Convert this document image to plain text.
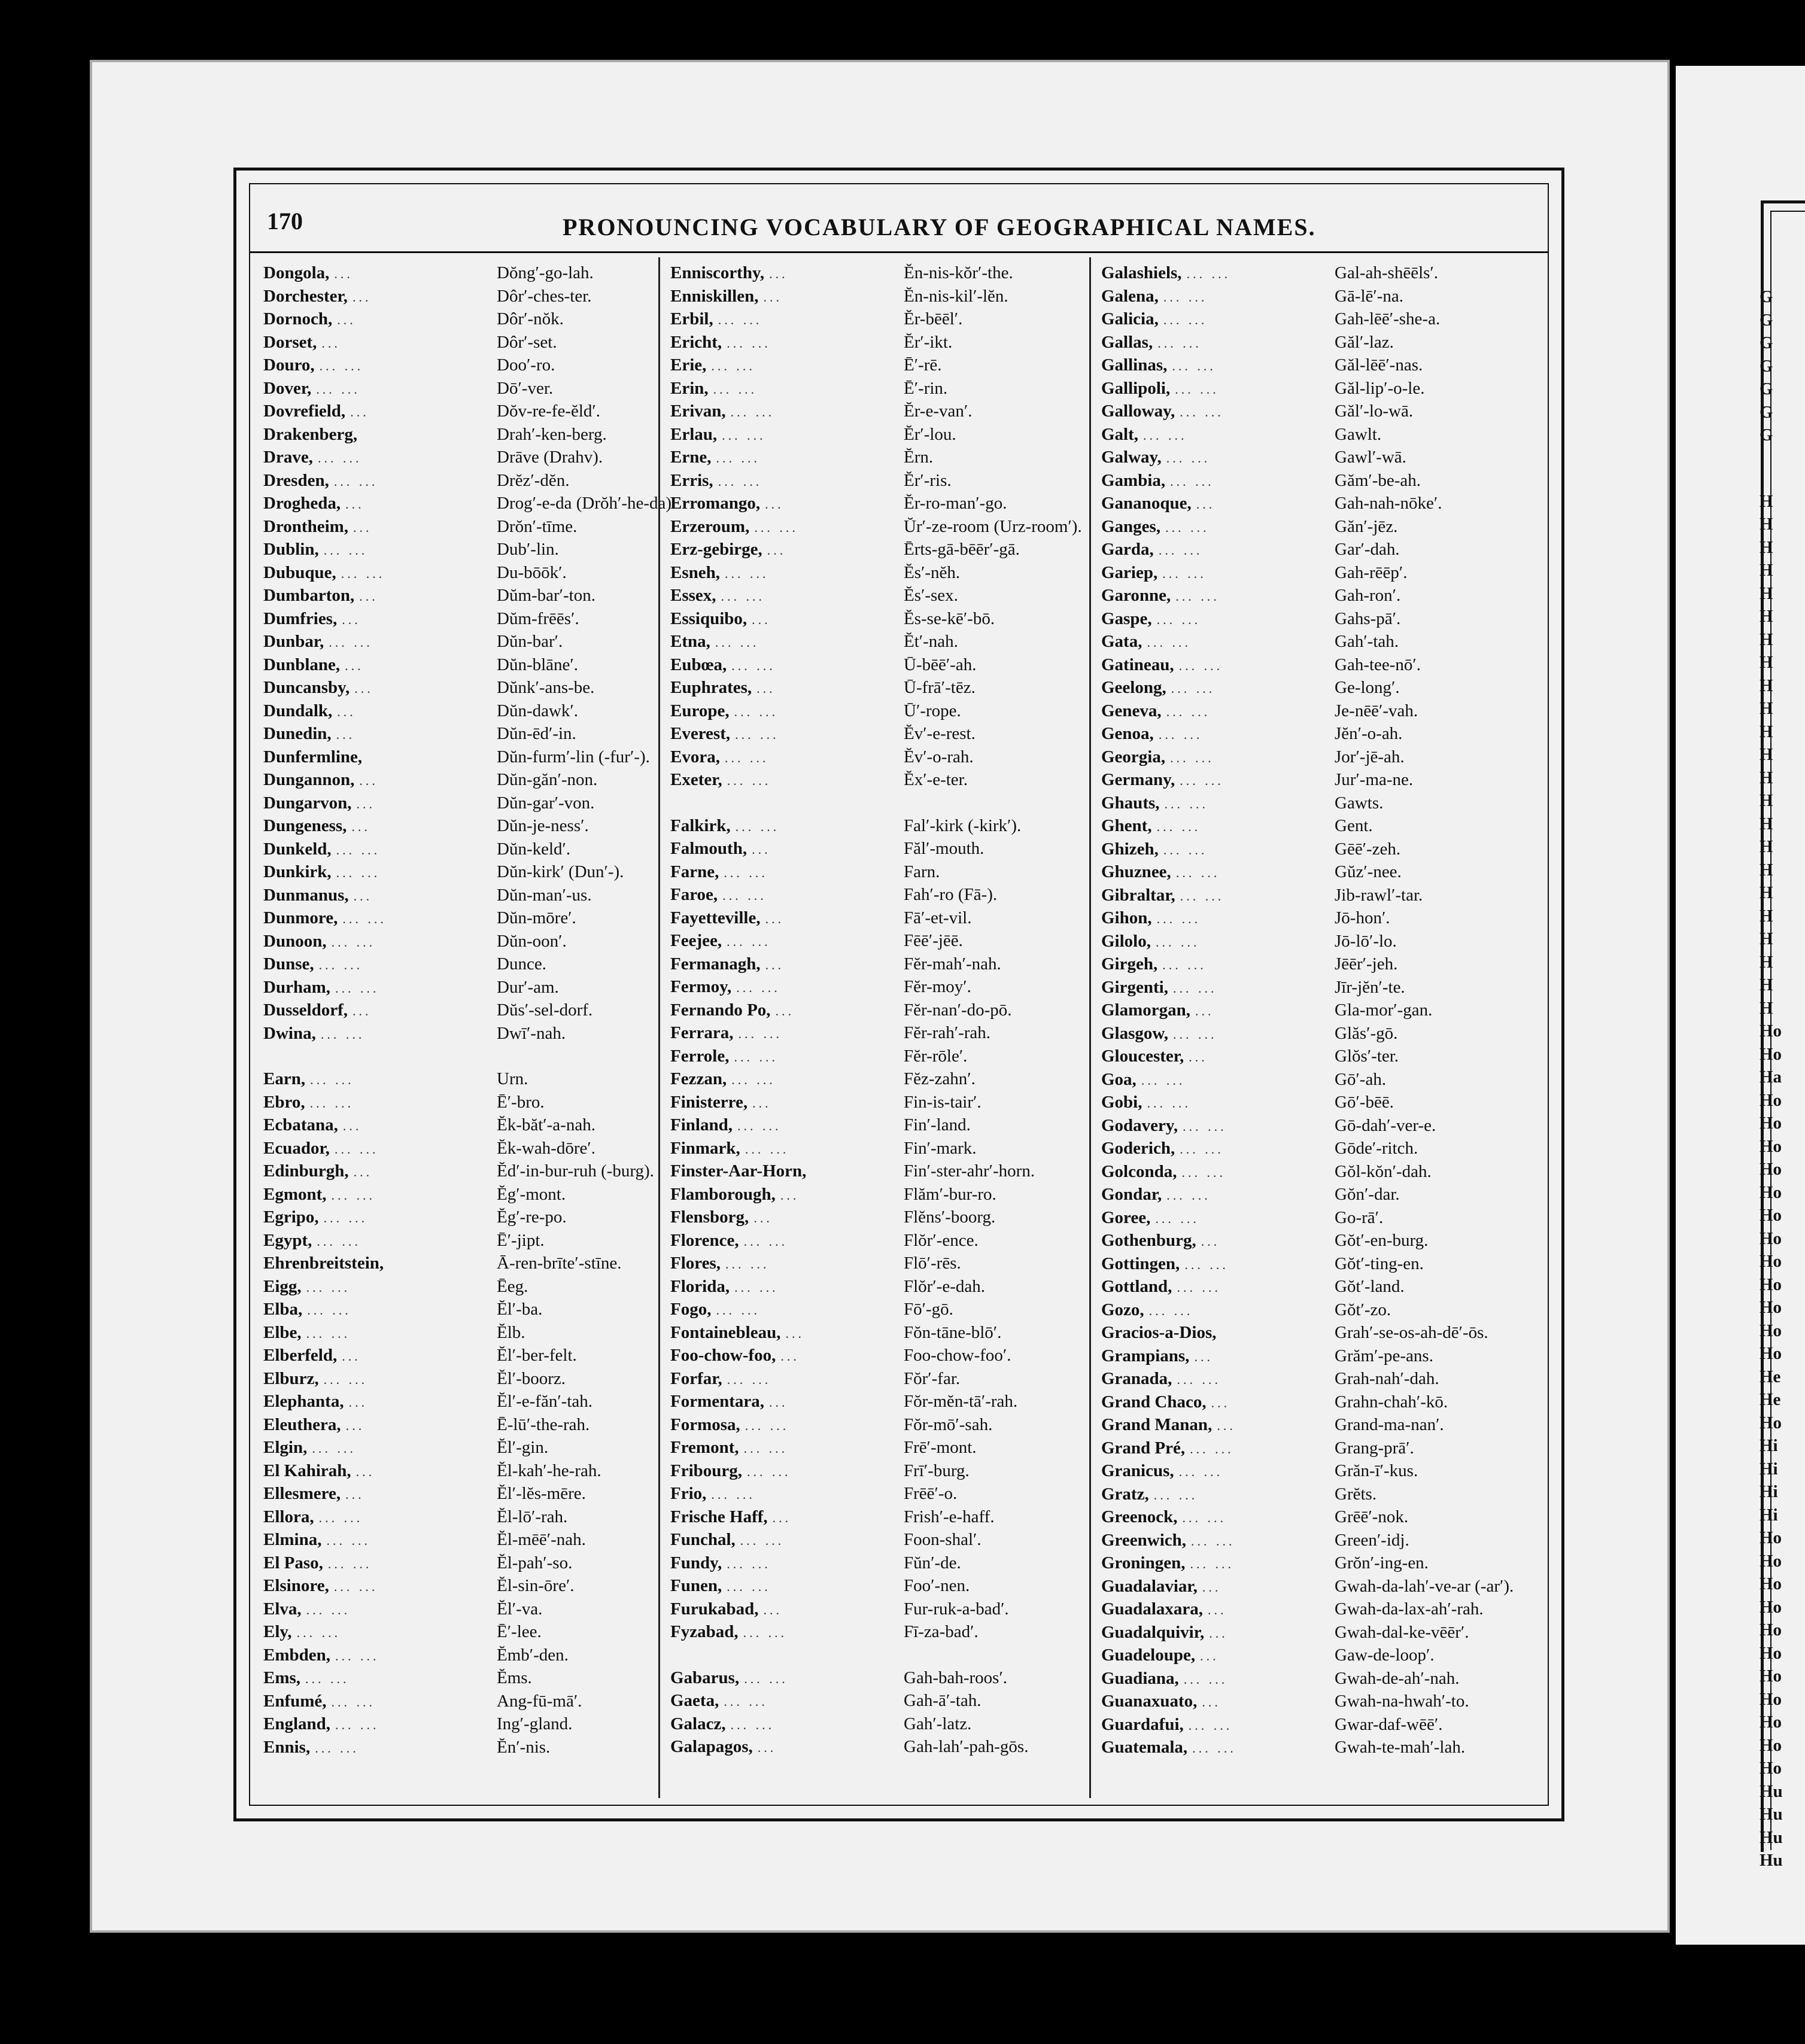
170	PRONOUNCING VOCABULARY OF GEOGRAPHICAL NAMES.
Dongola, ...	Dŏng′-go-lah.
Dorchester, ...	Dôr′-ches-ter.
Dornoch, ...	Dôr′-nŏk.
Dorset, ...	Dôr′-set.
Douro, ... ...	Doo′-ro.
Dover, ... ...	Dō′-ver.
Dovrefield, ...	Dŏv-re-fe-ĕld′.
Drakenberg,	Drah′-ken-berg.
Drave, ... ...	Drāve (Drahv).
Dresden, ... ...	Drĕz′-dĕn.
Drogheda, ...	Drog′-e-da (Drŏh′-he-da).
Drontheim, ...	Drŏn′-tīme.
Dublin, ... ...	Dub′-lin.
Dubuque, ... ...	Du-bōōk′.
Dumbarton, ...	Dŭm-bar′-ton.
Dumfries, ...	Dŭm-frēēs′.
Dunbar, ... ...	Dŭn-bar′.
Dunblane, ...	Dŭn-blāne′.
Duncansby, ...	Dŭnk′-ans-be.
Dundalk, ...	Dŭn-dawk′.
Dunedin, ...	Dŭn-ēd′-in.
Dunfermline,	Dŭn-furm′-lin (-fur′-).
Dungannon, ...	Dŭn-găn′-non.
Dungarvon, ...	Dŭn-gar′-von.
Dungeness, ...	Dŭn-je-ness′.
Dunkeld, ... ...	Dŭn-keld′.
Dunkirk, ... ...	Dŭn-kirk′ (Dun′-).
Dunmanus, ...	Dŭn-man′-us.
Dunmore, ... ...	Dŭn-mōre′.
Dunoon, ... ...	Dŭn-oon′.
Dunse, ... ...	Dunce.
Durham, ... ...	Dur′-am.
Dusseldorf, ...	Dŭs′-sel-dorf.
Dwina, ... ...	Dwī′-nah.
Earn, ... ...	Urn.
Ebro, ... ...	Ē′-bro.
Ecbatana, ...	Ĕk-băt′-a-nah.
Ecuador, ... ...	Ĕk-wah-dōre′.
Edinburgh, ...	Ĕd′-in-bur-ruh (-burg).
Egmont, ... ...	Ĕg′-mont.
Egripo, ... ...	Ĕg′-re-po.
Egypt, ... ...	Ē′-jipt.
Ehrenbreitstein,	Ā-ren-brīte′-stīne.
Eigg, ... ...	Ēeg.
Elba, ... ...	Ĕl′-ba.
Elbe, ... ...	Ĕlb.
Elberfeld, ...	Ĕl′-ber-felt.
Elburz, ... ...	Ĕl′-boorz.
Elephanta, ...	Ĕl′-e-făn′-tah.
Eleuthera, ...	Ē-lū′-the-rah.
Elgin, ... ...	Ĕl′-gin.
El Kahirah, ...	Ĕl-kah′-he-rah.
Ellesmere, ...	Ĕl′-lĕs-mēre.
Ellora, ... ...	Ĕl-lō′-rah.
Elmina, ... ...	Ĕl-mēē′-nah.
El Paso, ... ...	Ĕl-pah′-so.
Elsinore, ... ...	Ĕl-sin-ōre′.
Elva, ... ...	Ĕl′-va.
Ely, ... ...	Ē′-lee.
Embden, ... ...	Ĕmb′-den.
Ems, ... ...	Ĕms.
Enfumé, ... ...	Ang-fū-mā′.
England, ... ...	Ing′-gland.
Ennis, ... ...	Ĕn′-nis.
Enniscorthy, ...	Ĕn-nis-kŏr′-the.
Enniskillen, ...	Ĕn-nis-kil′-lĕn.
Erbil, ... ...	Ĕr-bēēl′.
Ericht, ... ...	Ĕr′-ikt.
Erie, ... ...	Ē′-rē.
Erin, ... ...	Ē′-rin.
Erivan, ... ...	Ĕr-e-van′.
Erlau, ... ...	Ĕr′-lou.
Erne, ... ...	Ĕrn.
Erris, ... ...	Ĕr′-ris.
Erromango, ...	Ĕr-ro-man′-go.
Erzeroum, ... ...	Ŭr′-ze-room (Urz-room′).
Erz-gebirge, ...	Ērts-gā-bēēr′-gā.
Esneh, ... ...	Ĕs′-nĕh.
Essex, ... ...	Ĕs′-sex.
Essiquibo, ...	Ĕs-se-kē′-bō.
Etna, ... ...	Ĕt′-nah.
Eubœa, ... ...	Ū-bēē′-ah.
Euphrates, ...	Ū-frā′-tēz.
Europe, ... ...	Ū′-rope.
Everest, ... ...	Ĕv′-e-rest.
Evora, ... ...	Ĕv′-o-rah.
Exeter, ... ...	Ĕx′-e-ter.
Falkirk, ... ...	Fal′-kirk (-kirk′).
Falmouth, ...	Făl′-mouth.
Farne, ... ...	Farn.
Faroe, ... ...	Fah′-ro (Fā-).
Fayetteville, ...	Fā′-et-vil.
Feejee, ... ...	Fēē′-jēē.
Fermanagh, ...	Fĕr-mah′-nah.
Fermoy, ... ...	Fĕr-moy′.
Fernando Po, ...	Fĕr-nan′-do-pō.
Ferrara, ... ...	Fĕr-rah′-rah.
Ferrole, ... ...	Fĕr-rōle′.
Fezzan, ... ...	Fĕz-zahn′.
Finisterre, ...	Fin-is-tair′.
Finland, ... ...	Fin′-land.
Finmark, ... ...	Fin′-mark.
Finster-Aar-Horn,	Fin′-ster-ahr′-horn.
Flamborough, ...	Flăm′-bur-ro.
Flensborg, ...	Flĕns′-boorg.
Florence, ... ...	Flŏr′-ence.
Flores, ... ...	Flō′-rēs.
Florida, ... ...	Flŏr′-e-dah.
Fogo, ... ...	Fō′-gō.
Fontainebleau, ...	Fŏn-tāne-blō′.
Foo-chow-foo, ...	Foo-chow-foo′.
Forfar, ... ...	Fŏr′-far.
Formentara, ...	Fŏr-mĕn-tā′-rah.
Formosa, ... ...	Fŏr-mō′-sah.
Fremont, ... ...	Frē′-mont.
Fribourg, ... ...	Frī′-burg.
Frio, ... ...	Frēē′-o.
Frische Haff, ...	Frish′-e-haff.
Funchal, ... ...	Foon-shal′.
Fundy, ... ...	Fŭn′-de.
Funen, ... ...	Foo′-nen.
Furukabad, ...	Fur-ruk-a-bad′.
Fyzabad, ... ...	Fī-za-bad′.
Gabarus, ... ...	Gah-bah-roos′.
Gaeta, ... ...	Gah-ā′-tah.
Galacz, ... ...	Gah′-latz.
Galapagos, ...	Gah-lah′-pah-gōs.
Galashiels, ... ...	Gal-ah-shēēls′.
Galena, ... ...	Gā-lē′-na.
Galicia, ... ...	Gah-lēē′-she-a.
Gallas, ... ...	Găl′-laz.
Gallinas, ... ...	Găl-lēē′-nas.
Gallipoli, ... ...	Găl-lip′-o-le.
Galloway, ... ...	Găl′-lo-wā.
Galt, ... ...	Gawlt.
Galway, ... ...	Gawl′-wā.
Gambia, ... ...	Găm′-be-ah.
Gananoque, ...	Gah-nah-nōke′.
Ganges, ... ...	Găn′-jēz.
Garda, ... ...	Gar′-dah.
Gariep, ... ...	Gah-rēēp′.
Garonne, ... ...	Gah-ron′.
Gaspe, ... ...	Gahs-pā′.
Gata, ... ...	Gah′-tah.
Gatineau, ... ...	Gah-tee-nō′.
Geelong, ... ...	Ge-long′.
Geneva, ... ...	Je-nēē′-vah.
Genoa, ... ...	Jĕn′-o-ah.
Georgia, ... ...	Jor′-jē-ah.
Germany, ... ...	Jur′-ma-ne.
Ghauts, ... ...	Gawts.
Ghent, ... ...	Gent.
Ghizeh, ... ...	Gēē′-zeh.
Ghuznee, ... ...	Gŭz′-nee.
Gibraltar, ... ...	Jib-rawl′-tar.
Gihon, ... ...	Jō-hon′.
Gilolo, ... ...	Jō-lō′-lo.
Girgeh, ... ...	Jēēr′-jeh.
Girgenti, ... ...	Jīr-jĕn′-te.
Glamorgan, ...	Gla-mor′-gan.
Glasgow, ... ...	Glăs′-gō.
Gloucester, ...	Glŏs′-ter.
Goa, ... ...	Gō′-ah.
Gobi, ... ...	Gō′-bēē.
Godavery, ... ...	Gō-dah′-ver-e.
Goderich, ... ...	Gōde′-ritch.
Golconda, ... ...	Gŏl-kŏn′-dah.
Gondar, ... ...	Gŏn′-dar.
Goree, ... ...	Go-rā′.
Gothenburg, ...	Gŏt′-en-burg.
Gottingen, ... ...	Gŏt′-ting-en.
Gottland, ... ...	Gŏt′-land.
Gozo, ... ...	Gŏt′-zo.
Gracios-a-Dios,	Grah′-se-os-ah-dē′-ōs.
Grampians, ...	Grăm′-pe-ans.
Granada, ... ...	Grah-nah′-dah.
Grand Chaco, ...	Grahn-chah′-kō.
Grand Manan, ...	Grand-ma-nan′.
Grand Pré, ... ...	Grang-prā′.
Granicus, ... ...	Grăn-ī′-kus.
Gratz, ... ...	Grĕts.
Greenock, ... ...	Grēē′-nok.
Greenwich, ... ...	Green′-idj.
Groningen, ... ...	Grŏn′-ing-en.
Guadalaviar, ...	Gwah-da-lah′-ve-ar (-ar′).
Guadalaxara, ...	Gwah-da-lax-ah′-rah.
Guadalquivir, ...	Gwah-dal-ke-vēēr′.
Guadeloupe, ...	Gaw-de-loop′.
Guadiana, ... ...	Gwah-de-ah′-nah.
Guanaxuato, ...	Gwah-na-hwah′-to.
Guardafui, ... ...	Gwar-daf-wēē′.
Guatemala, ... ...	Gwah-te-mah′-lah.
G
G
G
G
G
G
G
H
H
H
H
H
H
H
H
H
H
H
H
H
H
H
H
H
H
H
H
H
H
H
Ho
Ho
Ha
Ho
Ho
Ho
Ho
Ho
Ho
Ho
Ho
Ho
Ho
Ho
Ho
He
He
Ho
Hi
Hi
Hi
Hi
Ho
Ho
Ho
Ho
Ho
Ho
Ho
Ho
Ho
Ho
Ho
Hu
Hu
Hu
Hu
